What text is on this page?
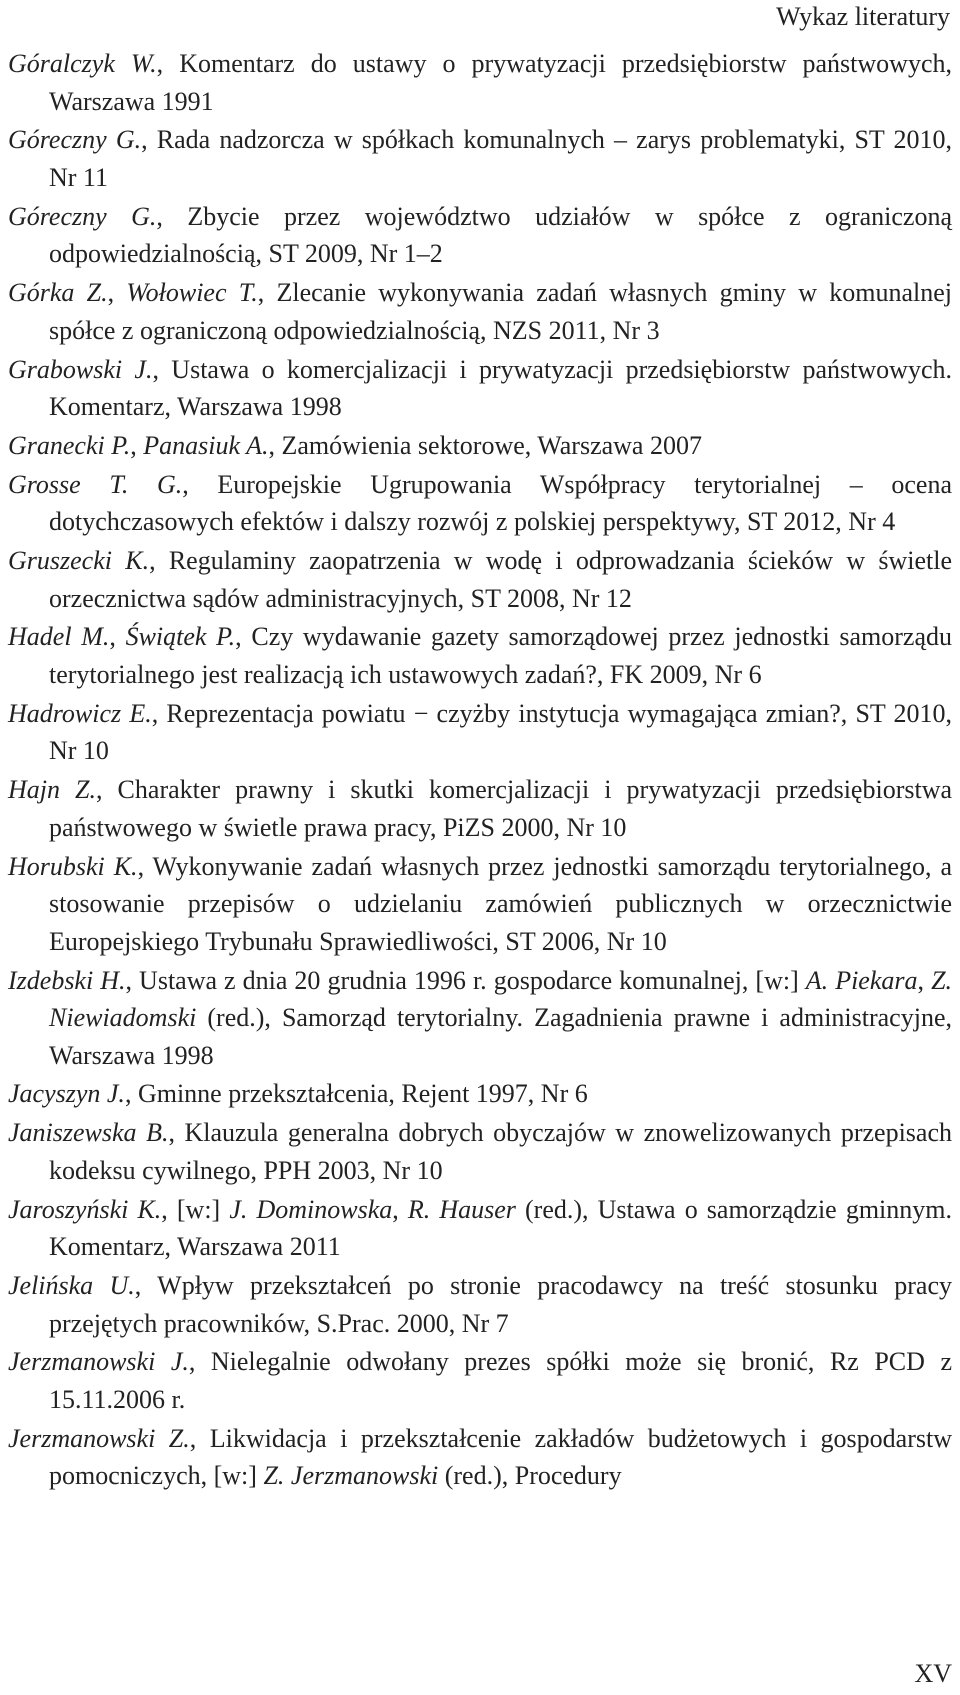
Wykaz literatury

Góralczyk W., Komentarz do ustawy o prywatyzacji przedsiębiorstw państwowych, Warszawa 1991

Góreczny G., Rada nadzorcza w spółkach komunalnych – zarys problematyki, ST 2010, Nr 11

Góreczny G., Zbycie przez województwo udziałów w spółce z ograniczoną odpowiedzialnością, ST 2009, Nr 1–2

Górka Z., Wołowiec T., Zlecanie wykonywania zadań własnych gminy w komunalnej spółce z ograniczoną odpowiedzialnością, NZS 2011, Nr 3

Grabowski J., Ustawa o komercjalizacji i prywatyzacji przedsiębiorstw państwowych. Komentarz, Warszawa 1998

Granecki P., Panasiuk A., Zamówienia sektorowe, Warszawa 2007

Grosse T. G., Europejskie Ugrupowania Współpracy terytorialnej – ocena dotychczasowych efektów i dalszy rozwój z polskiej perspektywy, ST 2012, Nr 4

Gruszecki K., Regulaminy zaopatrzenia w wodę i odprowadzania ścieków w świetle orzecznictwa sądów administracyjnych, ST 2008, Nr 12

Hadel M., Świątek P., Czy wydawanie gazety samorządowej przez jednostki samorządu terytorialnego jest realizacją ich ustawowych zadań?, FK 2009, Nr 6

Hadrowicz E., Reprezentacja powiatu − czyżby instytucja wymagająca zmian?, ST 2010, Nr 10

Hajn Z., Charakter prawny i skutki komercjalizacji i prywatyzacji przedsiębiorstwa państwowego w świetle prawa pracy, PiZS 2000, Nr 10

Horubski K., Wykonywanie zadań własnych przez jednostki samorządu terytorialnego, a stosowanie przepisów o udzielaniu zamówień publicznych w orzecznictwie Europejskiego Trybunału Sprawiedliwości, ST 2006, Nr 10

Izdebski H., Ustawa z dnia 20 grudnia 1996 r. gospodarce komunalnej, [w:] A. Piekara, Z. Niewiadomski (red.), Samorząd terytorialny. Zagadnienia prawne i administracyjne, Warszawa 1998

Jacyszyn J., Gminne przekształcenia, Rejent 1997, Nr 6

Janiszewska B., Klauzula generalna dobrych obyczajów w znowelizowanych przepisach kodeksu cywilnego, PPH 2003, Nr 10

Jaroszyński K., [w:] J. Dominowska, R. Hauser (red.), Ustawa o samorządzie gminnym. Komentarz, Warszawa 2011

Jelińska U., Wpływ przekształceń po stronie pracodawcy na treść stosunku pracy przejętych pracowników, S.Prac. 2000, Nr 7

Jerzmanowski J., Nielegalnie odwołany prezes spółki może się bronić, Rz PCD z 15.11.2006 r.

Jerzmanowski Z., Likwidacja i przekształcenie zakładów budżetowych i gospodarstw pomocniczych, [w:] Z. Jerzmanowski (red.), Procedury

XV
